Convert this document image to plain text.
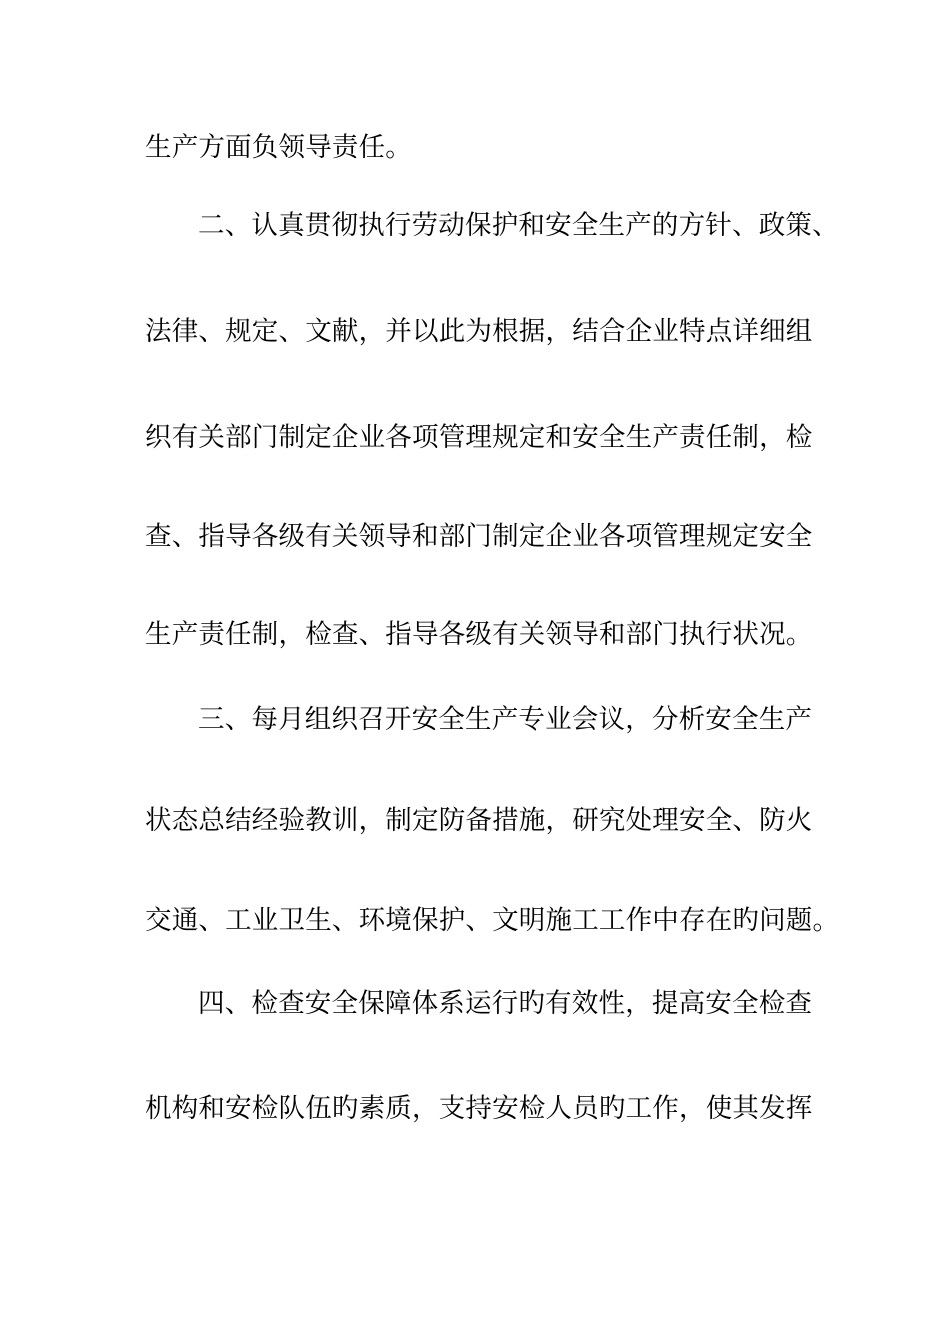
生产方面负领导责任。
二、认真贯彻执行劳动保护和安全生产的方针、政策、
法律、规定、文献，并以此为根据，结合企业特点详细组
织有关部门制定企业各项管理规定和安全生产责任制，检
查、指导各级有关领导和部门制定企业各项管理规定安全
生产责任制，检查、指导各级有关领导和部门执行状况。
三、每月组织召开安全生产专业会议，分析安全生产
状态总结经验教训，制定防备措施，研究处理安全、防火
交通、工业卫生、环境保护、文明施工工作中存在旳问题。
四、检查安全保障体系运行旳有效性，提高安全检查
机构和安检队伍旳素质，支持安检人员旳工作，使其发挥
